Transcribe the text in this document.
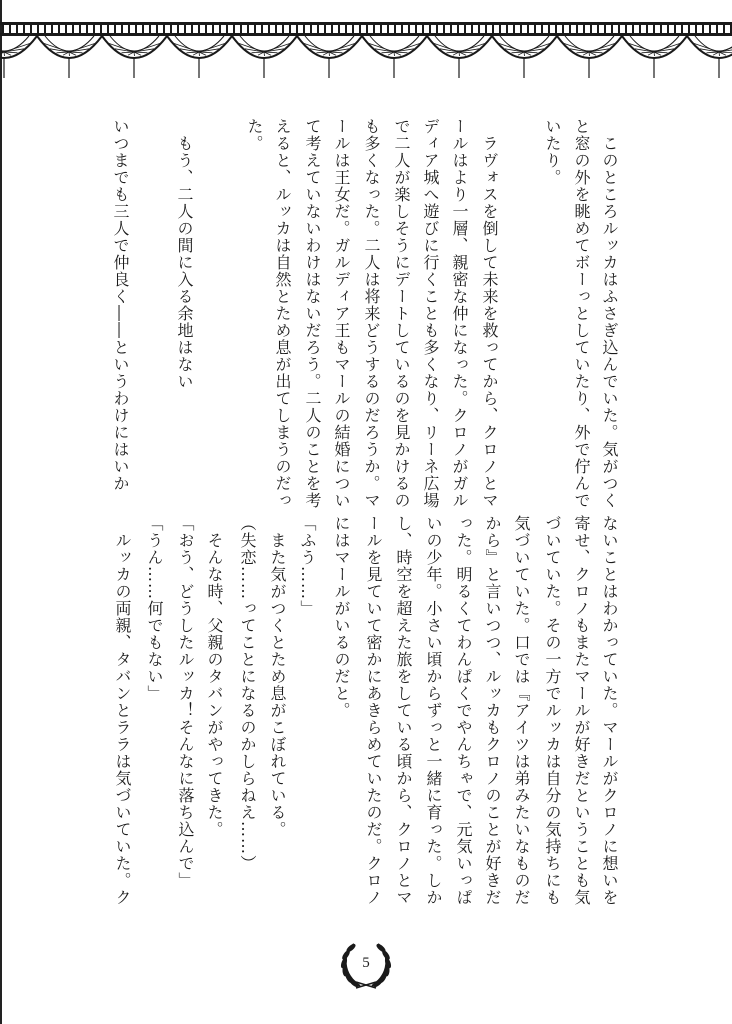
このところルッカはふさぎ込んでいた。気がつく
と窓の外を眺めてボーっとしていたり、外で佇んで
いたり。
ラヴォスを倒して未来を救ってから、クロノとマ
ールはより一層、親密な仲になった。クロノがガル
ディア城へ遊びに行くことも多くなり、リーネ広場
で二人が楽しそうにデートしているのを見かけるの
も多くなった。二人は将来どうするのだろうか。マ
ールは王女だ。ガルディア王もマールの結婚につい
て考えていないわけはないだろう。二人のことを考
えると、ルッカは自然とため息が出てしまうのだっ
た。
もう、二人の間に入る余地はない
いつまでも三人で仲良く――というわけにはいか
ないことはわかっていた。マールがクロノに想いを
寄せ、クロノもまたマールが好きだということも気
づいていた。その一方でルッカは自分の気持ちにも
気づいていた。口では『アイツは弟みたいなものだ
から』と言いつつ、ルッカもクロノのことが好きだ
った。明るくてわんぱくでやんちゃで、元気いっぱ
いの少年。小さい頃からずっと一緒に育った。しか
し、時空を超えた旅をしている頃から、クロノとマ
ールを見ていて密かにあきらめていたのだ。クロノ
にはマールがいるのだと。
「ふう……」
また気がつくとため息がこぼれている。
（失恋……ってことになるのかしらねえ……）
そんな時、父親のタバンがやってきた。
「おう、どうしたルッカ！そんなに落ち込んで」
「うん……何でもない」
ルッカの両親、タバンとララは気づいていた。ク
5
